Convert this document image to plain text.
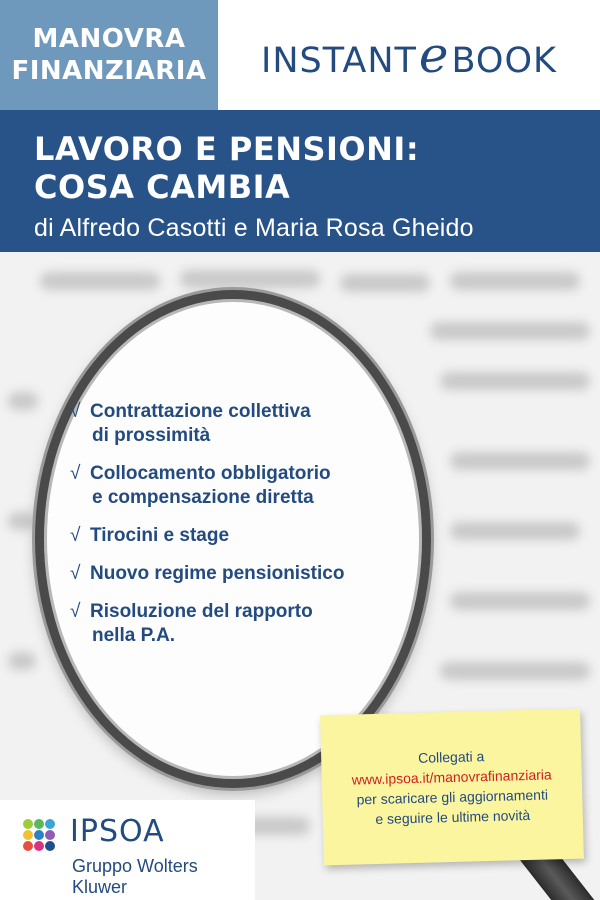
MANOVRA
FINANZIARIA INSTANT e BOOK
LAVORO E PENSIONI:
COSA CAMBIA
di Alfredo Casotti e Maria Rosa Gheido
√ Contrattazione collettiva
di prossimità
√ Collocamento obbligatorio
e compensazione diretta
√ Tirocini e stage
√ Nuovo regime pensionistico
√ Risoluzione del rapporto
nella P.A.
Collegati a
www.ipsoa.it/manovrafinanziaria
per scaricare gli aggiornamenti
e seguire le ultime novità
IPSOA
Gruppo Wolters Kluwer
